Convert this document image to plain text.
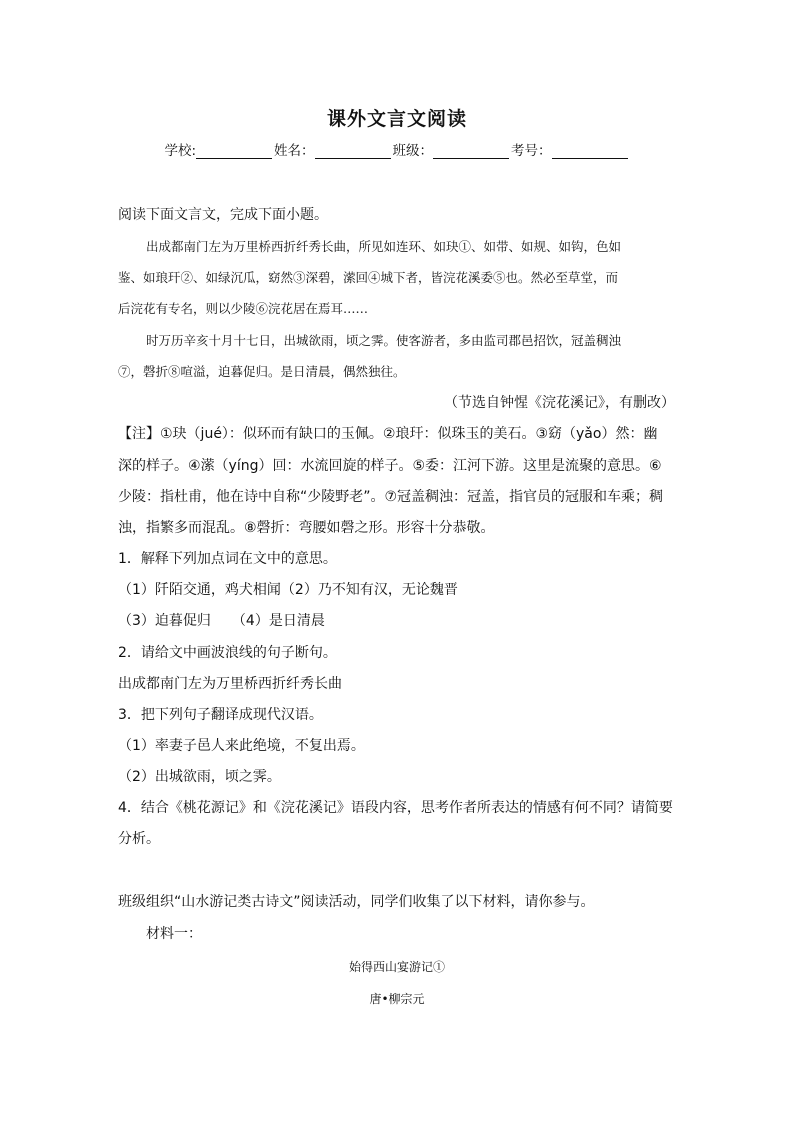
课外文言文阅读
学校:	姓名：	班级：	考号：
阅读下面文言文，完成下面小题。
出成都南门左为万里桥西折纤秀长曲，所见如连环、如玦①、如带、如规、如钩，色如
鉴、如琅玕②、如绿沉瓜，窈然③深碧，潆回④城下者，皆浣花溪委⑤也。然必至草堂，而
后浣花有专名，则以少陵⑥浣花居在焉耳……
时万历辛亥十月十七日，出城欲雨，顷之霁。使客游者，多由监司郡邑招饮，冠盖稠浊
⑦，磬折⑧喧溢，迫暮促归。是日清晨，偶然独往。
（节选自钟惺《浣花溪记》，有删改）
【注】①玦（jué）：似环而有缺口的玉佩。②琅玕：似珠玉的美石。③窈（yǎo）然：幽
深的样子。④潆（yíng）回：水流回旋的样子。⑤委：江河下游。这里是流聚的意思。⑥
少陵：指杜甫，他在诗中自称“少陵野老”。⑦冠盖稠浊：冠盖，指官员的冠服和车乘；稠
浊，指繁多而混乱。⑧磬折：弯腰如磬之形。形容十分恭敬。
1．解释下列加点词在文中的意思。
（1）阡陌交通，鸡犬相闻（2）乃不知有汉，无论魏晋
（3）迫暮促归　　（4）是日清晨
2．请给文中画波浪线的句子断句。
出成都南门左为万里桥西折纤秀长曲
3．把下列句子翻译成现代汉语。
（1）率妻子邑人来此绝境，不复出焉。
（2）出城欲雨，顷之霁。
4．结合《桃花源记》和《浣花溪记》语段内容，思考作者所表达的情感有何不同？请简要
分析。
班级组织“山水游记类古诗文”阅读活动，同学们收集了以下材料，请你参与。
材料一：
始得西山宴游记①
唐•柳宗元
